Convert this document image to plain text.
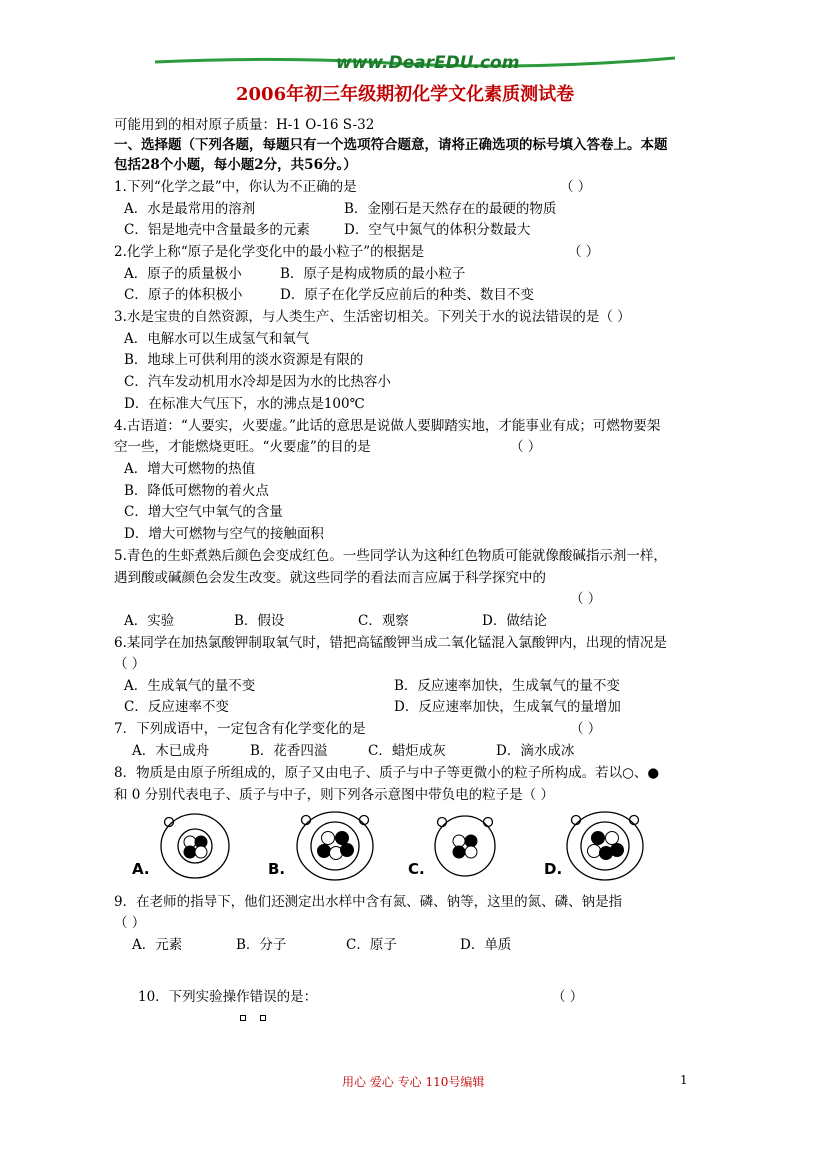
www.DearEDU.com
2006年初三年级期初化学文化素质测试卷
可能用到的相对原子质量：H-1 O-16 S-32
一、选择题（下列各题，每题只有一个选项符合题意，请将正确选项的标号填入答卷上。本题
包括28个小题，每小题2分，共56分。）
1.下列“化学之最”中，你认为不正确的是	（ ）
A．水是最常用的溶剂	B．金刚石是天然存在的最硬的物质
C．铝是地壳中含量最多的元素	D．空气中氮气的体积分数最大
2.化学上称“原子是化学变化中的最小粒子”的根据是	（ ）
A．原子的质量极小	B．原子是构成物质的最小粒子
C．原子的体积极小	D．原子在化学反应前后的种类、数目不变
3.水是宝贵的自然资源，与人类生产、生活密切相关。下列关于水的说法错误的是（ ）
A．电解水可以生成氢气和氧气
B．地球上可供利用的淡水资源是有限的
C．汽车发动机用水冷却是因为水的比热容小
D．在标准大气压下，水的沸点是100℃
4.古语道：“人要实，火要虚。”此话的意思是说做人要脚踏实地，才能事业有成；可燃物要架
空一些，才能燃烧更旺。“火要虚”的目的是	（ ）
A．增大可燃物的热值
B．降低可燃物的着火点
C．增大空气中氧气的含量
D．增大可燃物与空气的接触面积
5.青色的生虾煮熟后颜色会变成红色。一些同学认为这种红色物质可能就像酸碱指示剂一样，
遇到酸或碱颜色会发生改变。就这些同学的看法而言应属于科学探究中的
（ ）
A．实验	B．假设	C．观察	D．做结论
6.某同学在加热氯酸钾制取氧气时，错把高锰酸钾当成二氧化锰混入氯酸钾内，出现的情况是
（ ）
A．生成氧气的量不变	B．反应速率加快，生成氧气的量不变
C．反应速率不变	D．反应速率加快，生成氧气的量增加
7．下列成语中，一定包含有化学变化的是	（ ）
A．木已成舟	B．花香四溢	C．蜡炬成灰	D．滴水成冰
8．物质是由原子所组成的，原子又由电子、质子与中子等更微小的粒子所构成。若以○、●
和 0 分别代表电子、质子与中子，则下列各示意图中带负电的粒子是（ ）
A.	B.	C.	D.
9．在老师的指导下，他们还测定出水样中含有氮、磷、钠等，这里的氮、磷、钠是指
（ ）
A．元素	B．分子	C．原子	D．单质
10．下列实验操作错误的是：	（ ）
用心 爱心 专心 110号编辑	1
